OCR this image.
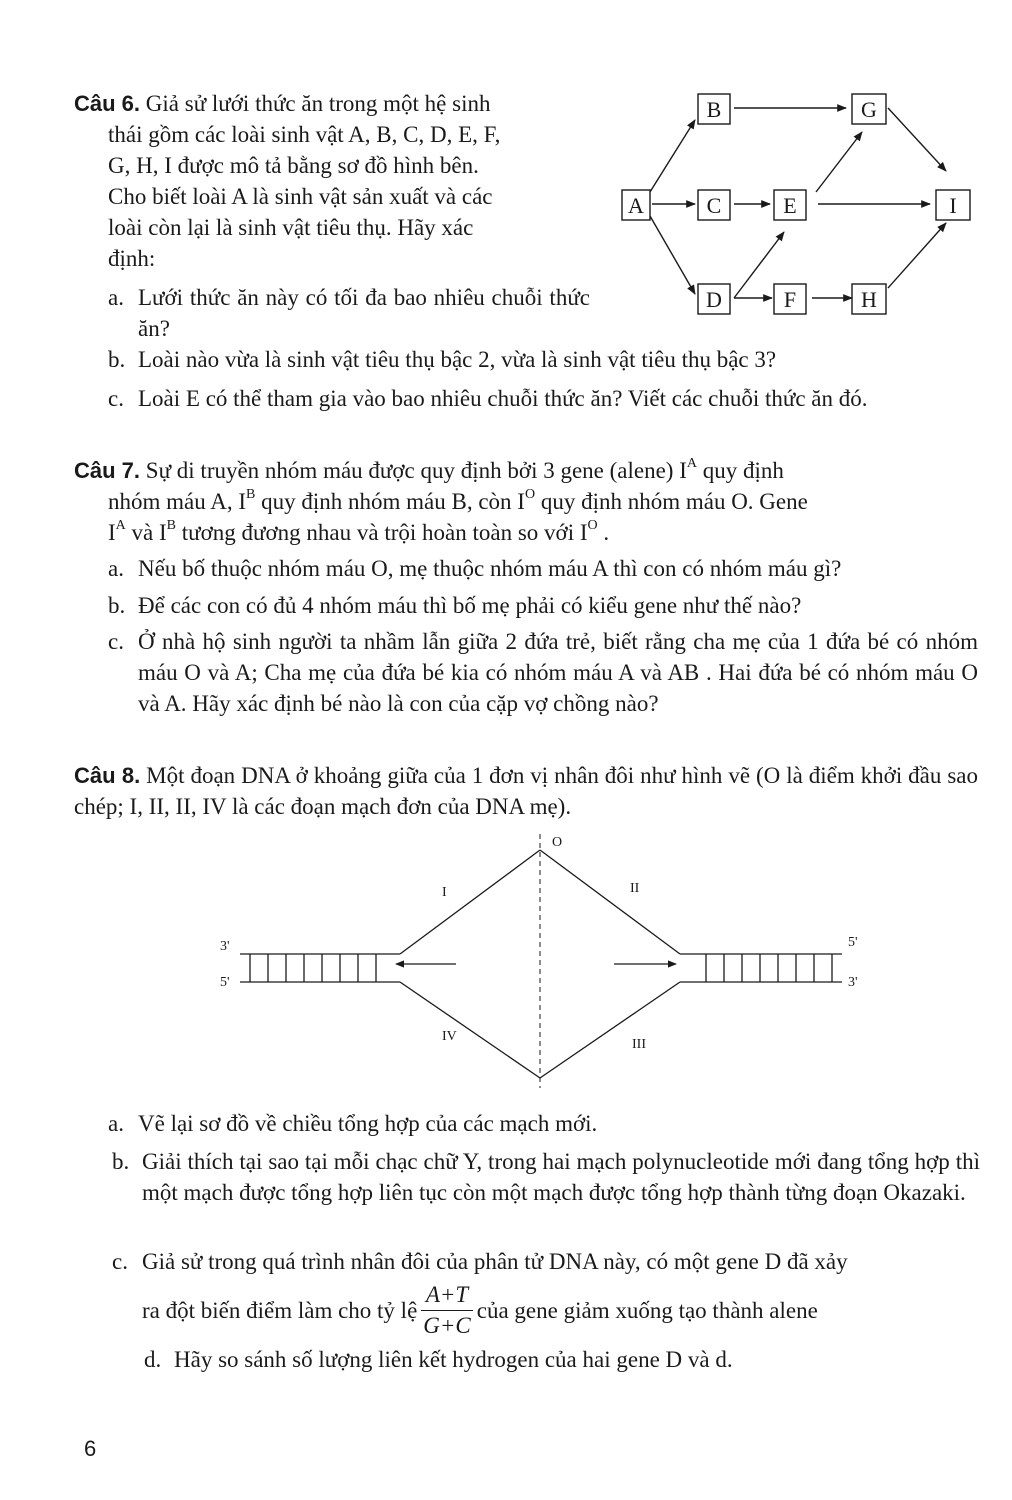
Câu 6. Giả sử lưới thức ăn trong một hệ sinh
thái gồm các loài sinh vật A, B, C, D, E, F,
G, H, I được mô tả bằng sơ đồ hình bên.
Cho biết loài A là sinh vật sản xuất và các
loài còn lại là sinh vật tiêu thụ. Hãy xác
định:
a. Lưới thức ăn này có tối đa bao nhiêu chuỗi thức ăn?
A
B
C
D
E
F
G
H
I
b. Loài nào vừa là sinh vật tiêu thụ bậc 2, vừa là sinh vật tiêu thụ bậc 3?
c. Loài E có thể tham gia vào bao nhiêu chuỗi thức ăn? Viết các chuỗi thức ăn đó.
Câu 7. Sự di truyền nhóm máu được quy định bởi 3 gene (alene) $I^A$ quy định
nhóm máu A, $I^B$ quy định nhóm máu B, còn $I^O$ quy định nhóm máu O. Gene
$I^A$ và $I^B$ tương đương nhau và trội hoàn toàn so với $I^O$ .
a. Nếu bố thuộc nhóm máu O, mẹ thuộc nhóm máu A thì con có nhóm máu gì?
b. Để các con có đủ 4 nhóm máu thì bố mẹ phải có kiểu gene như thế nào?
c. Ở nhà hộ sinh người ta nhầm lẫn giữa 2 đứa trẻ, biết rằng cha mẹ của 1 đứa bé có nhóm máu O và A; Cha mẹ của đứa bé kia có nhóm máu A và AB . Hai đứa bé có nhóm máu O và A. Hãy xác định bé nào là con của cặp vợ chồng nào?
Câu 8. Một đoạn DNA ở khoảng giữa của 1 đơn vị nhân đôi như hình vẽ (O là điểm khởi đầu sao chép; I, II, II, IV là các đoạn mạch đơn của DNA mẹ).
O
I	II
IV
III
3'
5'
5'
3'
a. Vẽ lại sơ đồ về chiều tổng hợp của các mạch mới.
b. Giải thích tại sao tại mỗi chạc chữ Y, trong hai mạch polynucleotide mới đang tổng hợp thì một mạch được tổng hợp liên tục còn một mạch được tổng hợp thành từng đoạn Okazaki.
c. Giả sử trong quá trình nhân đôi của phân tử DNA này, có một gene D đã xảy
ra đột biến điểm làm cho tỷ lệ $\frac{A+T}{G+C}$ của gene giảm xuống tạo thành alene
d. Hãy so sánh số lượng liên kết hydrogen của hai gene D và d.
6
